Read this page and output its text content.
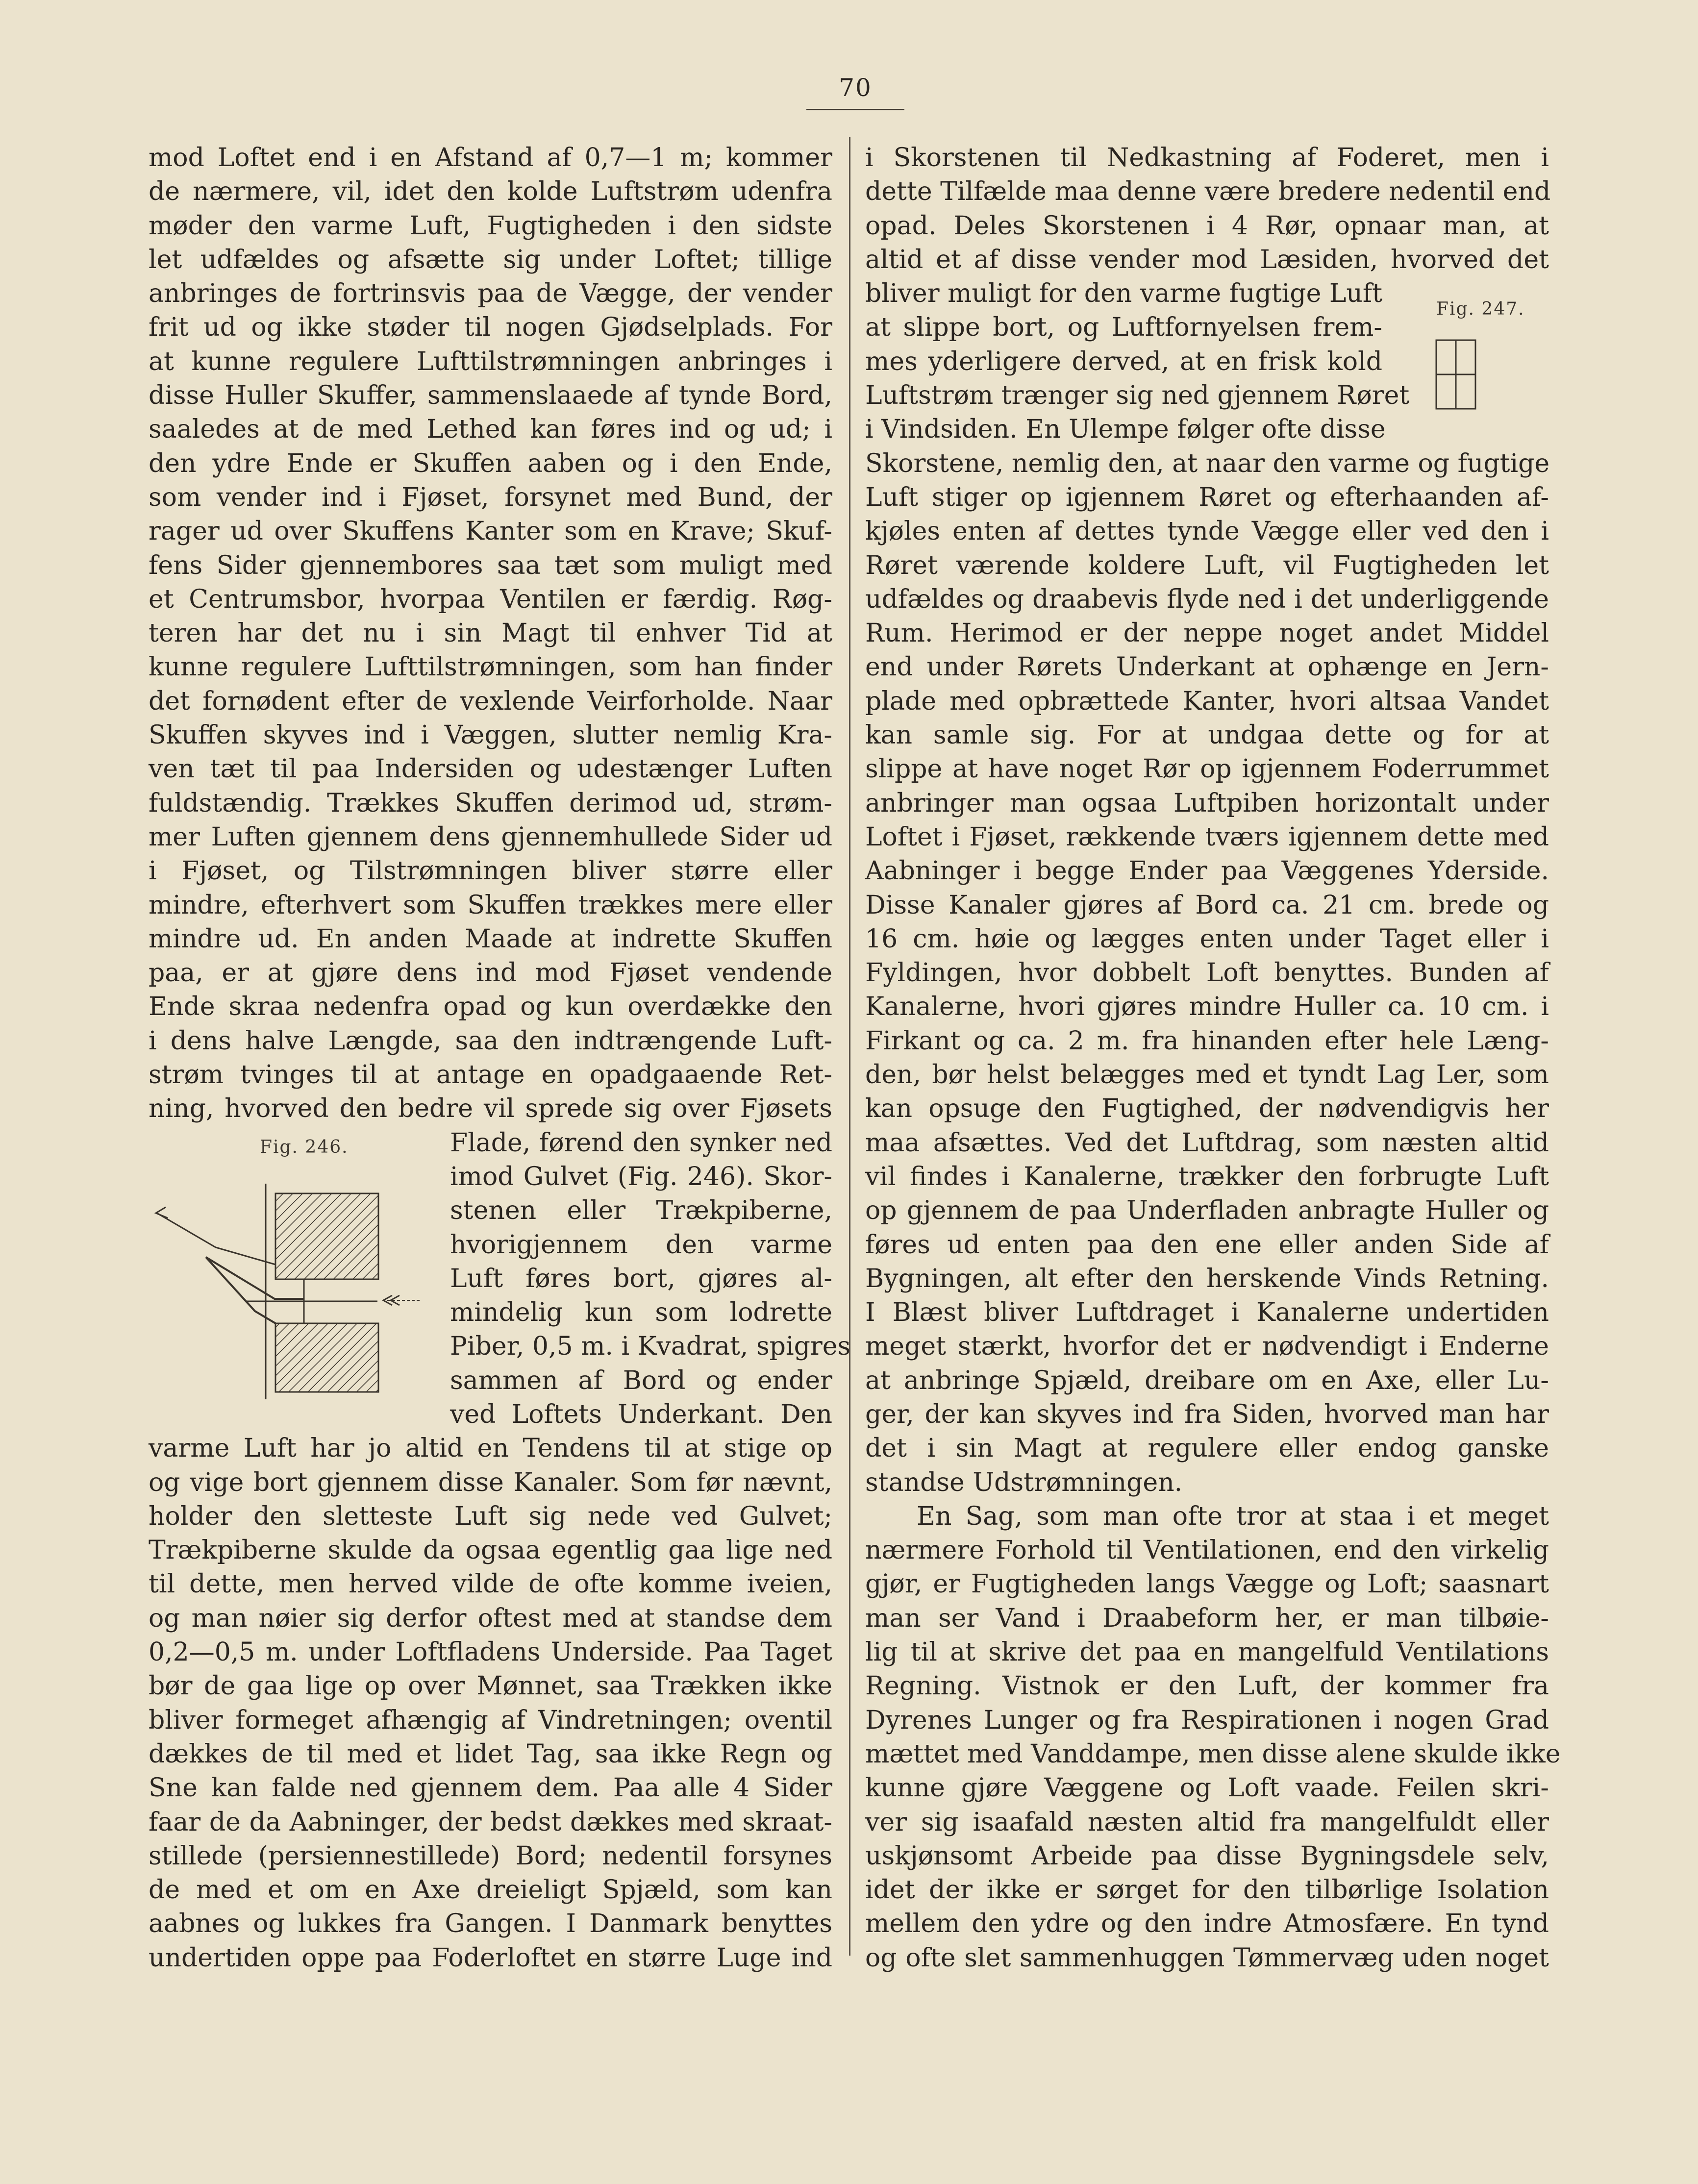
70
mod Loftet end i en Afstand af 0,7—1 m; kommer
de nærmere, vil, idet den kolde Luftstrøm udenfra
møder den varme Luft, Fugtigheden i den sidste
let udfældes og afsætte sig under Loftet; tillige
anbringes de fortrinsvis paa de Vægge, der vender
frit ud og ikke støder til nogen Gjødselplads. For
at kunne regulere Lufttilstrømningen anbringes i
disse Huller Skuffer, sammenslaaede af tynde Bord,
saaledes at de med Lethed kan føres ind og ud; i
den ydre Ende er Skuffen aaben og i den Ende,
som vender ind i Fjøset, forsynet med Bund, der
rager ud over Skuffens Kanter som en Krave; Skuf-
fens Sider gjennembores saa tæt som muligt med
et Centrumsbor, hvorpaa Ventilen er færdig. Røg-
teren har det nu i sin Magt til enhver Tid at
kunne regulere Lufttilstrømningen, som han finder
det fornødent efter de vexlende Veirforholde. Naar
Skuffen skyves ind i Væggen, slutter nemlig Kra-
ven tæt til paa Indersiden og udestænger Luften
fuldstændig. Trækkes Skuffen derimod ud, strøm-
mer Luften gjennem dens gjennemhullede Sider ud
i Fjøset, og Tilstrømningen bliver større eller
mindre, efterhvert som Skuffen trækkes mere eller
mindre ud. En anden Maade at indrette Skuffen
paa, er at gjøre dens ind mod Fjøset vendende
Ende skraa nedenfra opad og kun overdække den
i dens halve Længde, saa den indtrængende Luft-
strøm tvinges til at antage en opadgaaende Ret-
ning, hvorved den bedre vil sprede sig over Fjøsets
Flade, førend den synker ned
imod Gulvet (Fig. 246). Skor-
stenen eller Trækpiberne,
hvorigjennem den varme
Luft føres bort, gjøres al-
mindelig kun som lodrette
Piber, 0,5 m. i Kvadrat, spigres
sammen af Bord og ender
ved Loftets Underkant. Den
varme Luft har jo altid en Tendens til at stige op
og vige bort gjennem disse Kanaler. Som før nævnt,
holder den sletteste Luft sig nede ved Gulvet;
Trækpiberne skulde da ogsaa egentlig gaa lige ned
til dette, men herved vilde de ofte komme iveien,
og man nøier sig derfor oftest med at standse dem
0,2—0,5 m. under Loftfladens Underside. Paa Taget
bør de gaa lige op over Mønnet, saa Trækken ikke
bliver formeget afhængig af Vindretningen; oventil
dækkes de til med et lidet Tag, saa ikke Regn og
Sne kan falde ned gjennem dem. Paa alle 4 Sider
faar de da Aabninger, der bedst dækkes med skraat-
stillede (persiennestillede) Bord; nedentil forsynes
de med et om en Axe dreieligt Spjæld, som kan
aabnes og lukkes fra Gangen. I Danmark benyttes
undertiden oppe paa Foderloftet en større Luge ind
Fig. 246.
i Skorstenen til Nedkastning af Foderet, men i
dette Tilfælde maa denne være bredere nedentil end
opad. Deles Skorstenen i 4 Rør, opnaar man, at
altid et af disse vender mod Læsiden, hvorved det
bliver muligt for den varme fugtige Luft
at slippe bort, og Luftfornyelsen frem-
mes yderligere derved, at en frisk kold
Luftstrøm trænger sig ned gjennem Røret
i Vindsiden. En Ulempe følger ofte disse
Skorstene, nemlig den, at naar den varme og fugtige
Luft stiger op igjennem Røret og efterhaanden af-
kjøles enten af dettes tynde Vægge eller ved den i
Røret værende koldere Luft, vil Fugtigheden let
udfældes og draabevis flyde ned i det underliggende
Rum. Herimod er der neppe noget andet Middel
end under Rørets Underkant at ophænge en Jern-
plade med opbrættede Kanter, hvori altsaa Vandet
kan samle sig. For at undgaa dette og for at
slippe at have noget Rør op igjennem Foderrummet
anbringer man ogsaa Luftpiben horizontalt under
Loftet i Fjøset, rækkende tværs igjennem dette med
Aabninger i begge Ender paa Væggenes Yderside.
Disse Kanaler gjøres af Bord ca. 21 cm. brede og
16 cm. høie og lægges enten under Taget eller i
Fyldingen, hvor dobbelt Loft benyttes. Bunden af
Kanalerne, hvori gjøres mindre Huller ca. 10 cm. i
Firkant og ca. 2 m. fra hinanden efter hele Læng-
den, bør helst belægges med et tyndt Lag Ler, som
kan opsuge den Fugtighed, der nødvendigvis her
maa afsættes. Ved det Luftdrag, som næsten altid
vil findes i Kanalerne, trækker den forbrugte Luft
op gjennem de paa Underfladen anbragte Huller og
føres ud enten paa den ene eller anden Side af
Bygningen, alt efter den herskende Vinds Retning.
I Blæst bliver Luftdraget i Kanalerne undertiden
meget stærkt, hvorfor det er nødvendigt i Enderne
at anbringe Spjæld, dreibare om en Axe, eller Lu-
ger, der kan skyves ind fra Siden, hvorved man har
det i sin Magt at regulere eller endog ganske
standse Udstrømningen.
En Sag, som man ofte tror at staa i et meget
nærmere Forhold til Ventilationen, end den virkelig
gjør, er Fugtigheden langs Vægge og Loft; saasnart
man ser Vand i Draabeform her, er man tilbøie-
lig til at skrive det paa en mangelfuld Ventilations
Regning. Vistnok er den Luft, der kommer fra
Dyrenes Lunger og fra Respirationen i nogen Grad
mættet med Vanddampe, men disse alene skulde ikke
kunne gjøre Væggene og Loft vaade. Feilen skri-
ver sig isaafald næsten altid fra mangelfuldt eller
uskjønsomt Arbeide paa disse Bygningsdele selv,
idet der ikke er sørget for den tilbørlige Isolation
mellem den ydre og den indre Atmosfære. En tynd
og ofte slet sammenhuggen Tømmervæg uden noget
Fig. 247.
